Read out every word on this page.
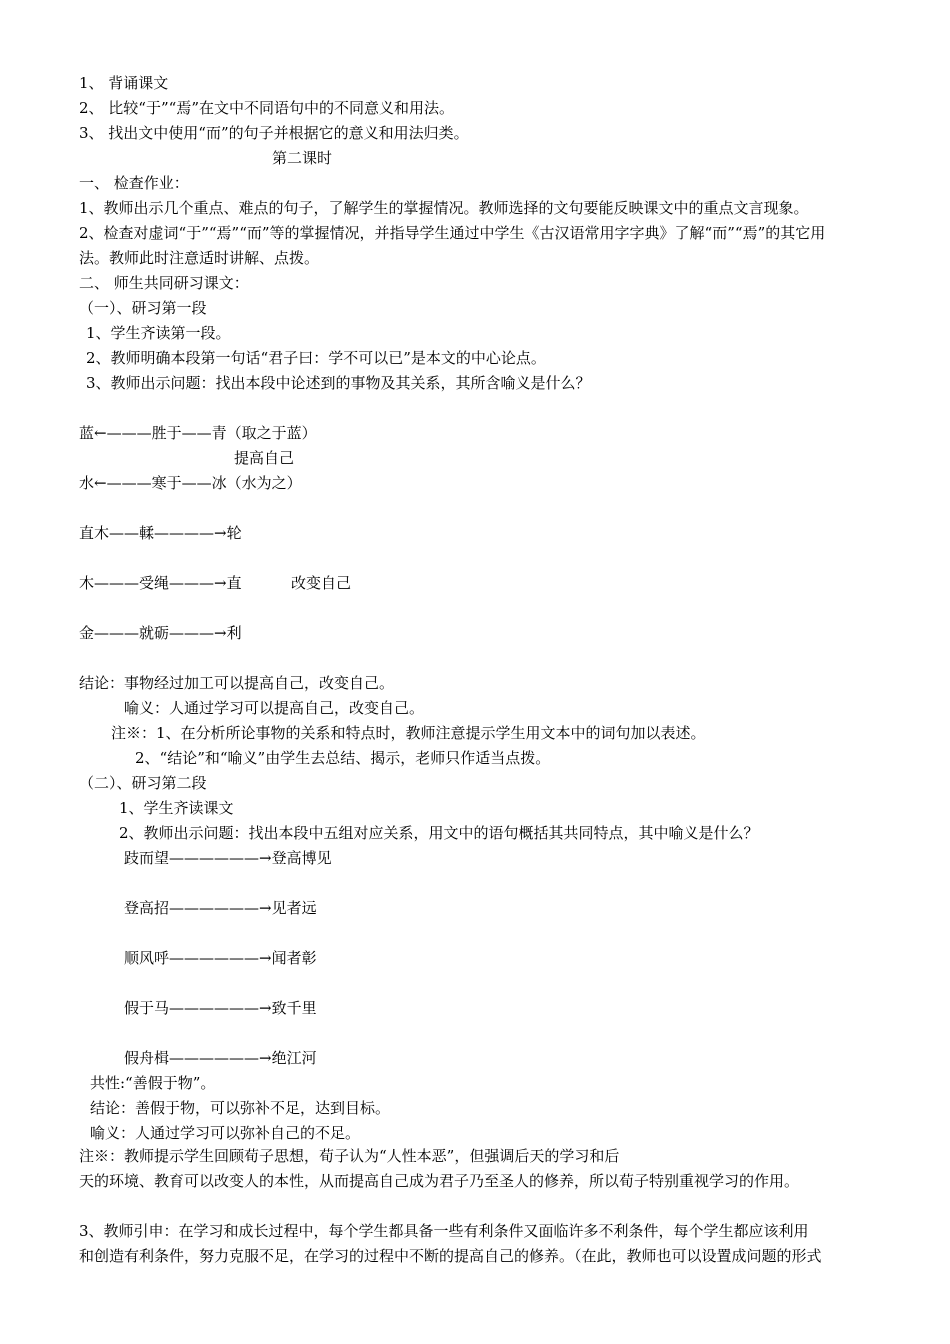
1、 背诵课文
2、 比较“于”“焉”在文中不同语句中的不同意义和用法。
3、 找出文中使用“而”的句子并根据它的意义和用法归类。
第二课时
一、 检查作业：
1、教师出示几个重点、难点的句子，了解学生的掌握情况。教师选择的文句要能反映课文中的重点文言现象。
2、检查对虚词“于”“焉”“而”等的掌握情况，并指导学生通过中学生《古汉语常用字字典》了解“而”“焉”的其它用
法。教师此时注意适时讲解、点拨。
二、 师生共同研习课文：
（一）、研习第一段
1、学生齐读第一段。
2、教师明确本段第一句话“君子曰：学不可以已”是本文的中心论点。
3、教师出示问题：找出本段中论述到的事物及其关系，其所含喻义是什么？
蓝←———胜于——青（取之于蓝）
提高自己
水←———寒于——冰（水为之）
直木——輮————→轮
木———受绳———→直	改变自己
金———就砺———→利
结论：事物经过加工可以提高自己，改变自己。
喻义：人通过学习可以提高自己，改变自己。
注※：1、在分析所论事物的关系和特点时，教师注意提示学生用文本中的词句加以表述。
2、“结论”和“喻义”由学生去总结、揭示，老师只作适当点拨。
（二）、研习第二段
1、学生齐读课文
2、教师出示问题：找出本段中五组对应关系，用文中的语句概括其共同特点，其中喻义是什么？
跂而望——————→登高博见
登高招——————→见者远
顺风呼——————→闻者彰
假于马——————→致千里
假舟楫——————→绝江河
共性:“善假于物”。
结论：善假于物，可以弥补不足，达到目标。
喻义：人通过学习可以弥补自己的不足。
注※：教师提示学生回顾荀子思想，荀子认为“人性本恶”，但强调后天的学习和后
天的环境、教育可以改变人的本性，从而提高自己成为君子乃至圣人的修养，所以荀子特别重视学习的作用。
3、教师引申：在学习和成长过程中，每个学生都具备一些有利条件又面临许多不利条件，每个学生都应该利用
和创造有利条件，努力克服不足，在学习的过程中不断的提高自己的修养。（在此，教师也可以设置成问题的形式
